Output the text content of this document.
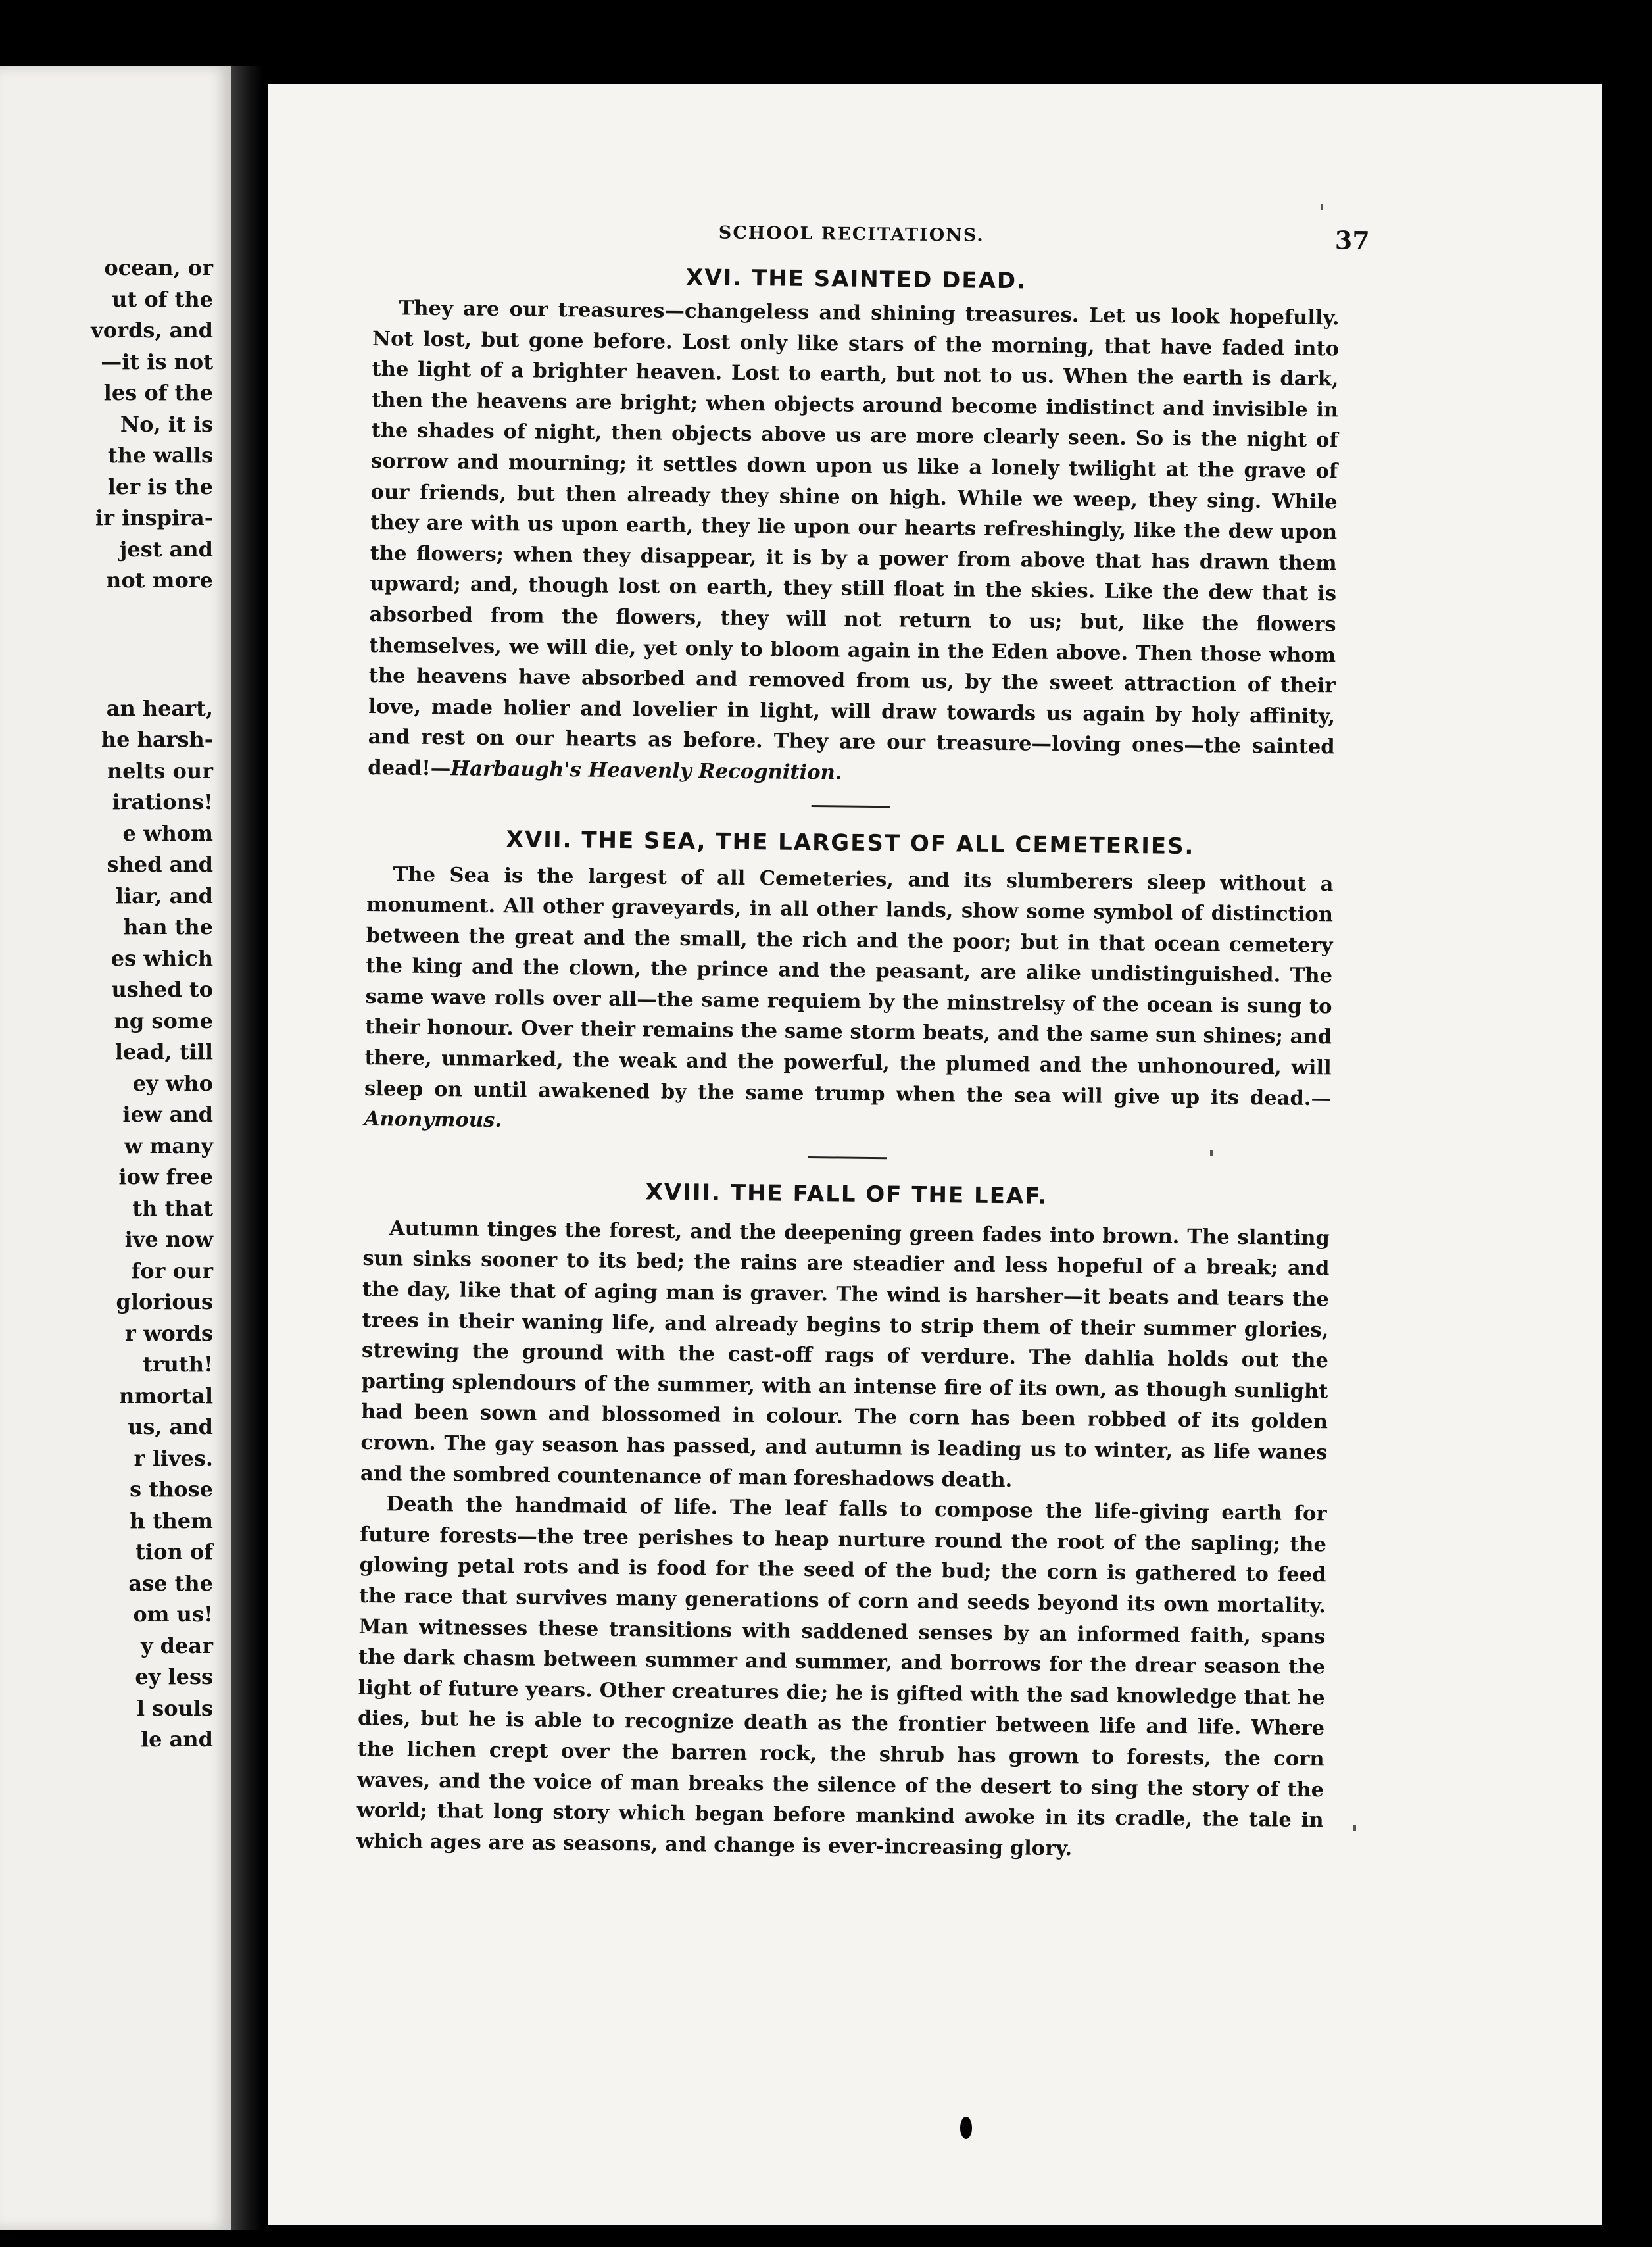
ocean, or
ut of the
vords, and
—it is not
les of the
No, it is
the walls
ler is the
ir inspira-
jest and
not more
an heart,
he harsh-
nelts our
irations!
e whom
shed and
liar, and
han the
es which
ushed to
ng some
lead, till
ey who
iew and
w many
iow free
th that
ive now
for our
glorious
r words
truth!
nmortal
us, and
r lives.
s those
h them
tion of
ase the
om us!
y dear
ey less
l souls
le and
SCHOOL RECITATIONS.	37
XVI. THE SAINTED DEAD.

They are our treasures—changeless and shining treasures. Let us look hopefully. Not lost, but gone before. Lost only like stars of the morning, that have faded into the light of a brighter heaven. Lost to earth, but not to us. When the earth is dark, then the heavens are bright; when objects around become indistinct and invisible in the shades of night, then objects above us are more clearly seen. So is the night of sorrow and mourning; it settles down upon us like a lonely twilight at the grave of our friends, but then already they shine on high. While we weep, they sing. While they are with us upon earth, they lie upon our hearts refreshingly, like the dew upon the flowers; when they disappear, it is by a power from above that has drawn them upward; and, though lost on earth, they still float in the skies. Like the dew that is absorbed from the flowers, they will not return to us; but, like the flowers themselves, we will die, yet only to bloom again in the Eden above. Then those whom the heavens have absorbed and removed from us, by the sweet attraction of their love, made holier and lovelier in light, will draw towards us again by holy affinity, and rest on our hearts as before. They are our treasure—loving ones—the sainted dead!—Harbaugh's Heavenly Recognition.

XVII. THE SEA, THE LARGEST OF ALL CEMETERIES.

The Sea is the largest of all Cemeteries, and its slumberers sleep without a monument. All other graveyards, in all other lands, show some symbol of distinction between the great and the small, the rich and the poor; but in that ocean cemetery the king and the clown, the prince and the peasant, are alike undistinguished. The same wave rolls over all—the same requiem by the minstrelsy of the ocean is sung to their honour. Over their remains the same storm beats, and the same sun shines; and there, unmarked, the weak and the powerful, the plumed and the unhonoured, will sleep on until awakened by the same trump when the sea will give up its dead.—Anonymous.

XVIII. THE FALL OF THE LEAF.

Autumn tinges the forest, and the deepening green fades into brown. The slanting sun sinks sooner to its bed; the rains are steadier and less hopeful of a break; and the day, like that of aging man is graver. The wind is harsher—it beats and tears the trees in their waning life, and already begins to strip them of their summer glories, strewing the ground with the cast-off rags of verdure. The dahlia holds out the parting splendours of the summer, with an intense fire of its own, as though sunlight had been sown and blossomed in colour. The corn has been robbed of its golden crown. The gay season has passed, and autumn is leading us to winter, as life wanes and the sombred countenance of man foreshadows death.

Death the handmaid of life. The leaf falls to compose the life-giving earth for future forests—the tree perishes to heap nurture round the root of the sapling; the glowing petal rots and is food for the seed of the bud; the corn is gathered to feed the race that survives many generations of corn and seeds beyond its own mortality. Man witnesses these transitions with saddened senses by an informed faith, spans the dark chasm between summer and summer, and borrows for the drear season the light of future years. Other creatures die; he is gifted with the sad knowledge that he dies, but he is able to recognize death as the frontier between life and life. Where the lichen crept over the barren rock, the shrub has grown to forests, the corn waves, and the voice of man breaks the silence of the desert to sing the story of the world; that long story which began before mankind awoke in its cradle, the tale in which ages are as seasons, and change is ever-increasing glory.
